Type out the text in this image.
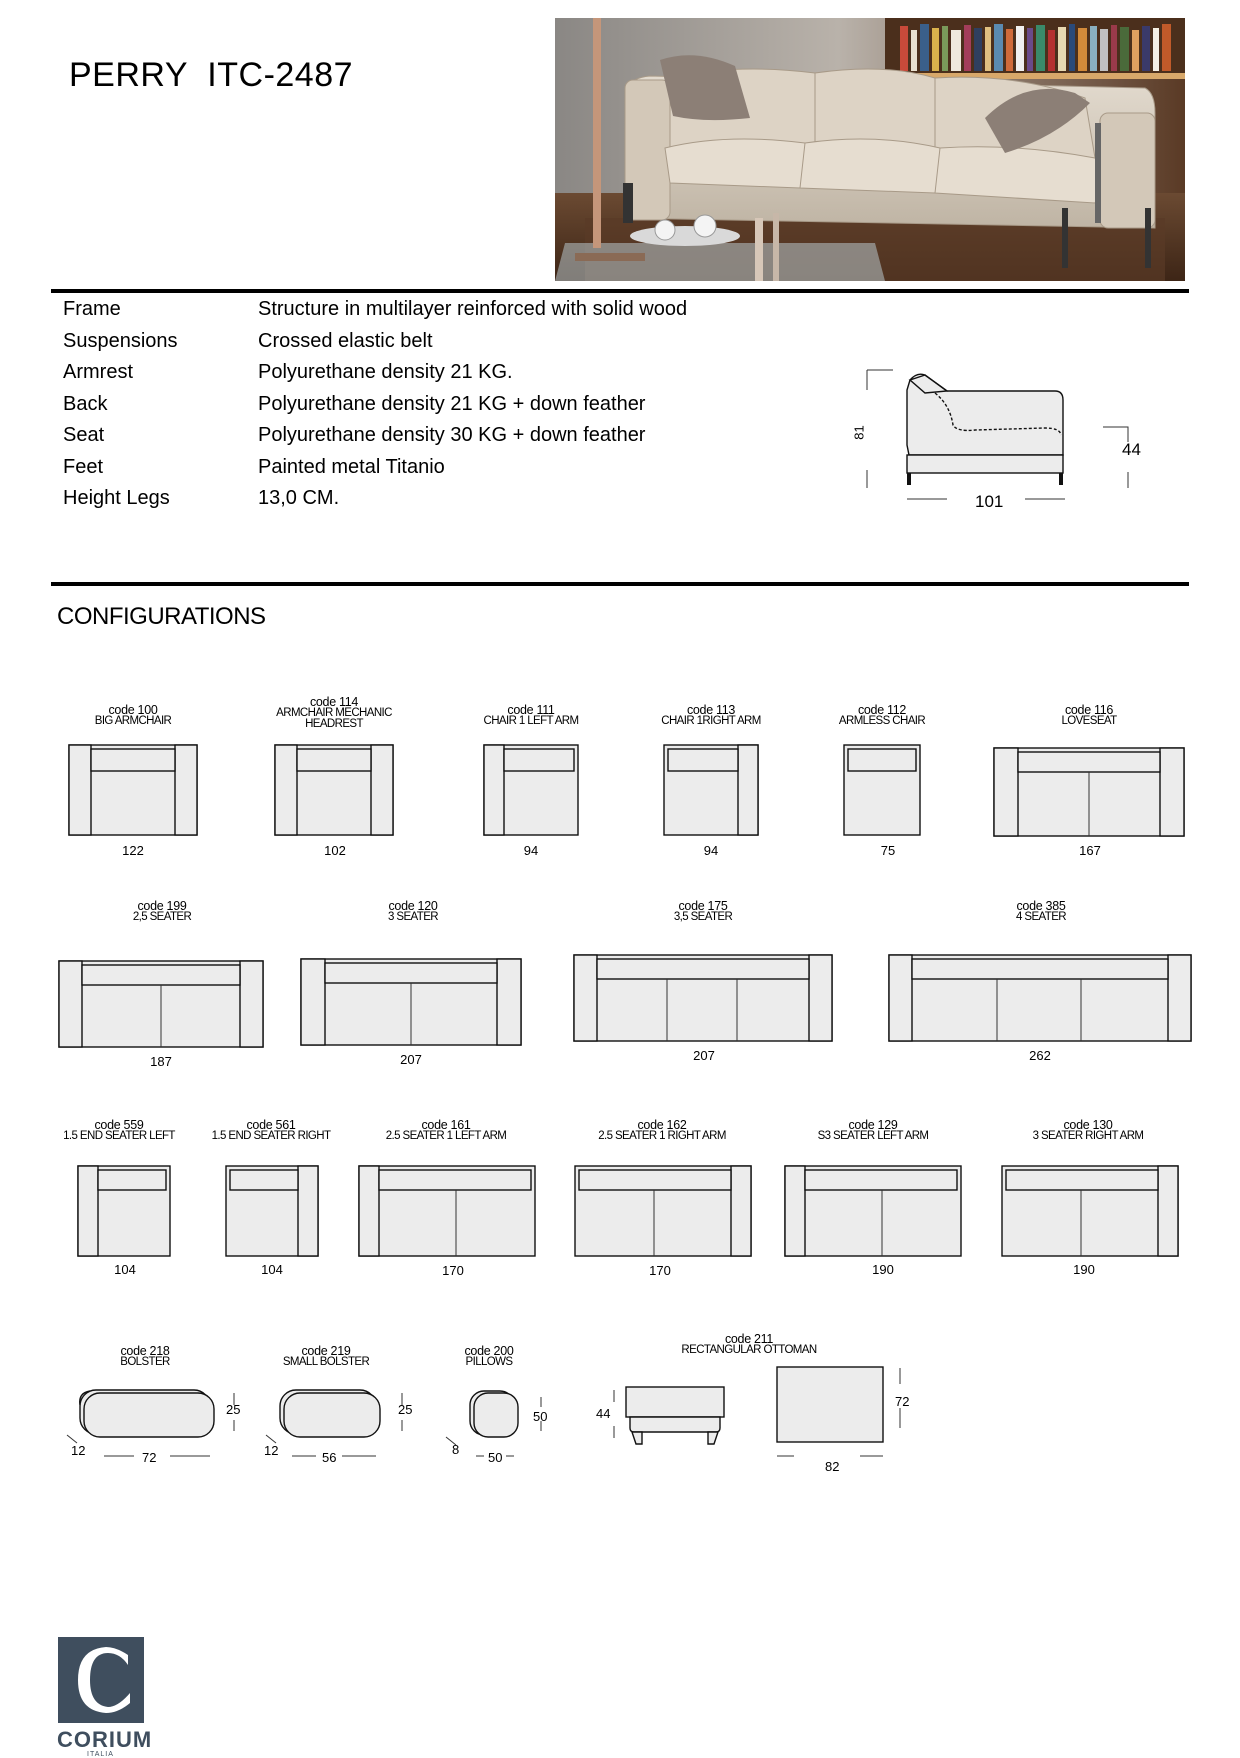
PERRY  ITC-2487
Frame	Structure in multilayer reinforced with solid wood
Suspensions	Crossed elastic belt
Armrest	Polyurethane density 21 KG.
Back	Polyurethane density 21 KG + down feather
Seat	Polyurethane density 30 KG + down feather
Feet	Painted metal Titanio
Height Legs	13,0 CM.
81
44
101
CONFIGURATIONS
code 100
BIG ARMCHAIR
122
code 114
ARMCHAIR MECHANIC
HEADREST
102
code 111
CHAIR 1 LEFT ARM
94
code 113
CHAIR 1RIGHT ARM
94
code 112
ARMLESS CHAIR
75
code 116
LOVESEAT
167
code 199
2,5 SEATER
187
code 120
3 SEATER
207
code 175
3,5 SEATER
207
code 385
4 SEATER
262
code 559
1.5 END SEATER LEFT
104
code 561
1.5 END SEATER RIGHT
104
code 161
2.5 SEATER 1 LEFT ARM
170
code 162
2.5 SEATER 1 RIGHT ARM
170
code 129
S3 SEATER LEFT ARM
190
code 130
3 SEATER RIGHT ARM
190
code 218
BOLSTER
25
12	72
code 219
SMALL BOLSTER
25
12	56
code 200
PILLOWS
50
8
50
code 211
RECTANGULAR OTTOMAN
44
72
82
CORIUM
ITALIA
